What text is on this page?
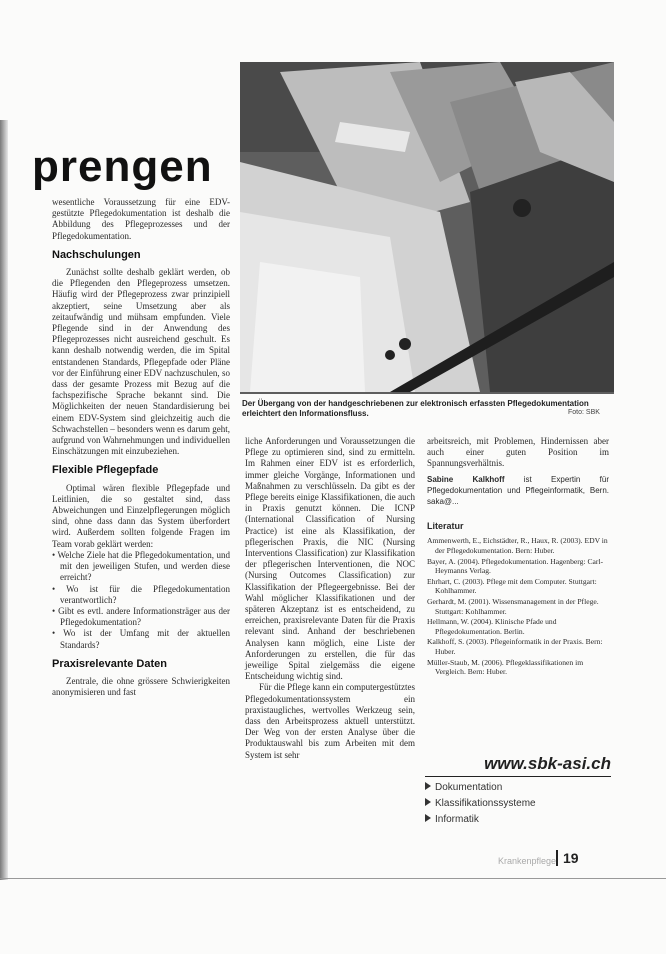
prengen
Der Übergang von der handgeschriebenen zur elektronisch erfassten Pflegedokumentation erleichtert den Informationsfluss.	Foto: SBK

wesentliche Voraussetzung für eine EDV-gestützte Pflegedokumentation ist deshalb die Abbildung des Pflegeprozesses und der Pflegedokumentation.

Nachschulungen

Zunächst sollte deshalb geklärt werden, ob die Pflegenden den Pflegeprozess umsetzen. Häufig wird der Pflegeprozess zwar prinzipiell akzeptiert, seine Umsetzung aber als zeitaufwändig und mühsam empfunden. Viele Pflegende sind in der Anwendung des Pflegeprozesses nicht ausreichend geschult. Es kann deshalb notwendig werden, die im Spital entstandenen Standards, Pflegepfade oder Pläne vor der Einführung einer EDV nachzuschulen, so dass der gesamte Prozess mit Bezug auf die fachspezifische Sprache bekannt sind. Die Möglichkeiten der neuen Standardisierung bei einem EDV-System sind gleichzeitig auch die Schwachstellen – besonders wenn es darum geht, aufgrund von Wahrnehmungen und individuellen Einschätzungen mit einzubeziehen.

Flexible Pflegepfade

Optimal wären flexible Pflegepfade und Leitlinien, die so gestaltet sind, dass Abweichungen und Einzelpflegerungen möglich sind, ohne dass dann das System überfordert wird. Außerdem sollten folgende Fragen im Team vorab geklärt werden:

• Welche Ziele hat die Pflegedokumentation, und mit den jeweiligen Stufen, und werden diese erreicht?
• Wo ist für die Pflegedokumentation verantwortlich?
• Gibt es evtl. andere Informationsträger aus der Pflegedokumentation?
• Wo ist der Umfang mit der aktuellen Standards?
Praxisrelevante Daten

Zentrale, die ohne grössere Schwierigkeiten anonymisieren und fast

liche Anforderungen und Voraussetzungen die Pflege zu optimieren sind, sind zu ermitteln. Im Rahmen einer EDV ist es erforderlich, immer gleiche Vorgänge, Informationen und Maßnahmen zu verschlüsseln. Da gibt es der Pflege bereits einige Klassifikationen, die auch in Praxis genutzt können. Die ICNP (International Classification of Nursing Practice) ist eine als Klassifikation, der pflegerischen Praxis, die NIC (Nursing Interventions Classification) zur Klassifikation der pflegerischen Interventionen, die NOC (Nursing Outcomes Classification) zur Klassifikation der Pflegeergebnisse. Bei der Wahl möglicher Klassifikationen und der späteren Akzeptanz ist es entscheidend, zu erreichen, praxisrelevante Daten für die Praxis relevant sind. Anhand der beschriebenen Analysen kann möglich, eine Liste der Anforderungen zu erstellen, die für das jeweilige Spital zielgemäss die eigene Entscheidung wichtig sind.

Für die Pflege kann ein computergestütztes Pflegedokumentationssystem ein praxistaugliches, wertvolles Werkzeug sein, dass den Arbeitsprozess aktuell unterstützt. Der Weg von der ersten Analyse über die Produktauswahl bis zum Arbeiten mit dem System ist sehr

arbeitsreich, mit Problemen, Hindernissen aber auch einer guten Position im Spannungsverhältnis.

Sabine Kalkhoff ist Expertin für Pflegedokumentation und Pflegeinformatik, Bern. saka@...
Literatur

Ammenwerth, E., Eichstädter, R., Haux, R. (2003). EDV in der Pflegedokumentation. Bern: Huber.

Bayer, A. (2004). Pflegedokumentation. Hagenberg: Carl-Heymanns Verlag.

Ehrhart, C. (2003). Pflege mit dem Computer. Stuttgart: Kohlhammer.

Gerhardt, M. (2001). Wissensmanagement in der Pflege. Stuttgart: Kohlhammer.

Hellmann, W. (2004). Klinische Pfade und Pflegedokumentation. Berlin.

Kalkhoff, S. (2003). Pflegeinformatik in der Praxis. Bern: Huber.

Müller-Staub, M. (2006). Pflegeklassifikationen im Vergleich. Bern: Huber.

www.sbk-asi.ch
Dokumentation
Klassifikationssysteme
Informatik
Krankenpflege 19
